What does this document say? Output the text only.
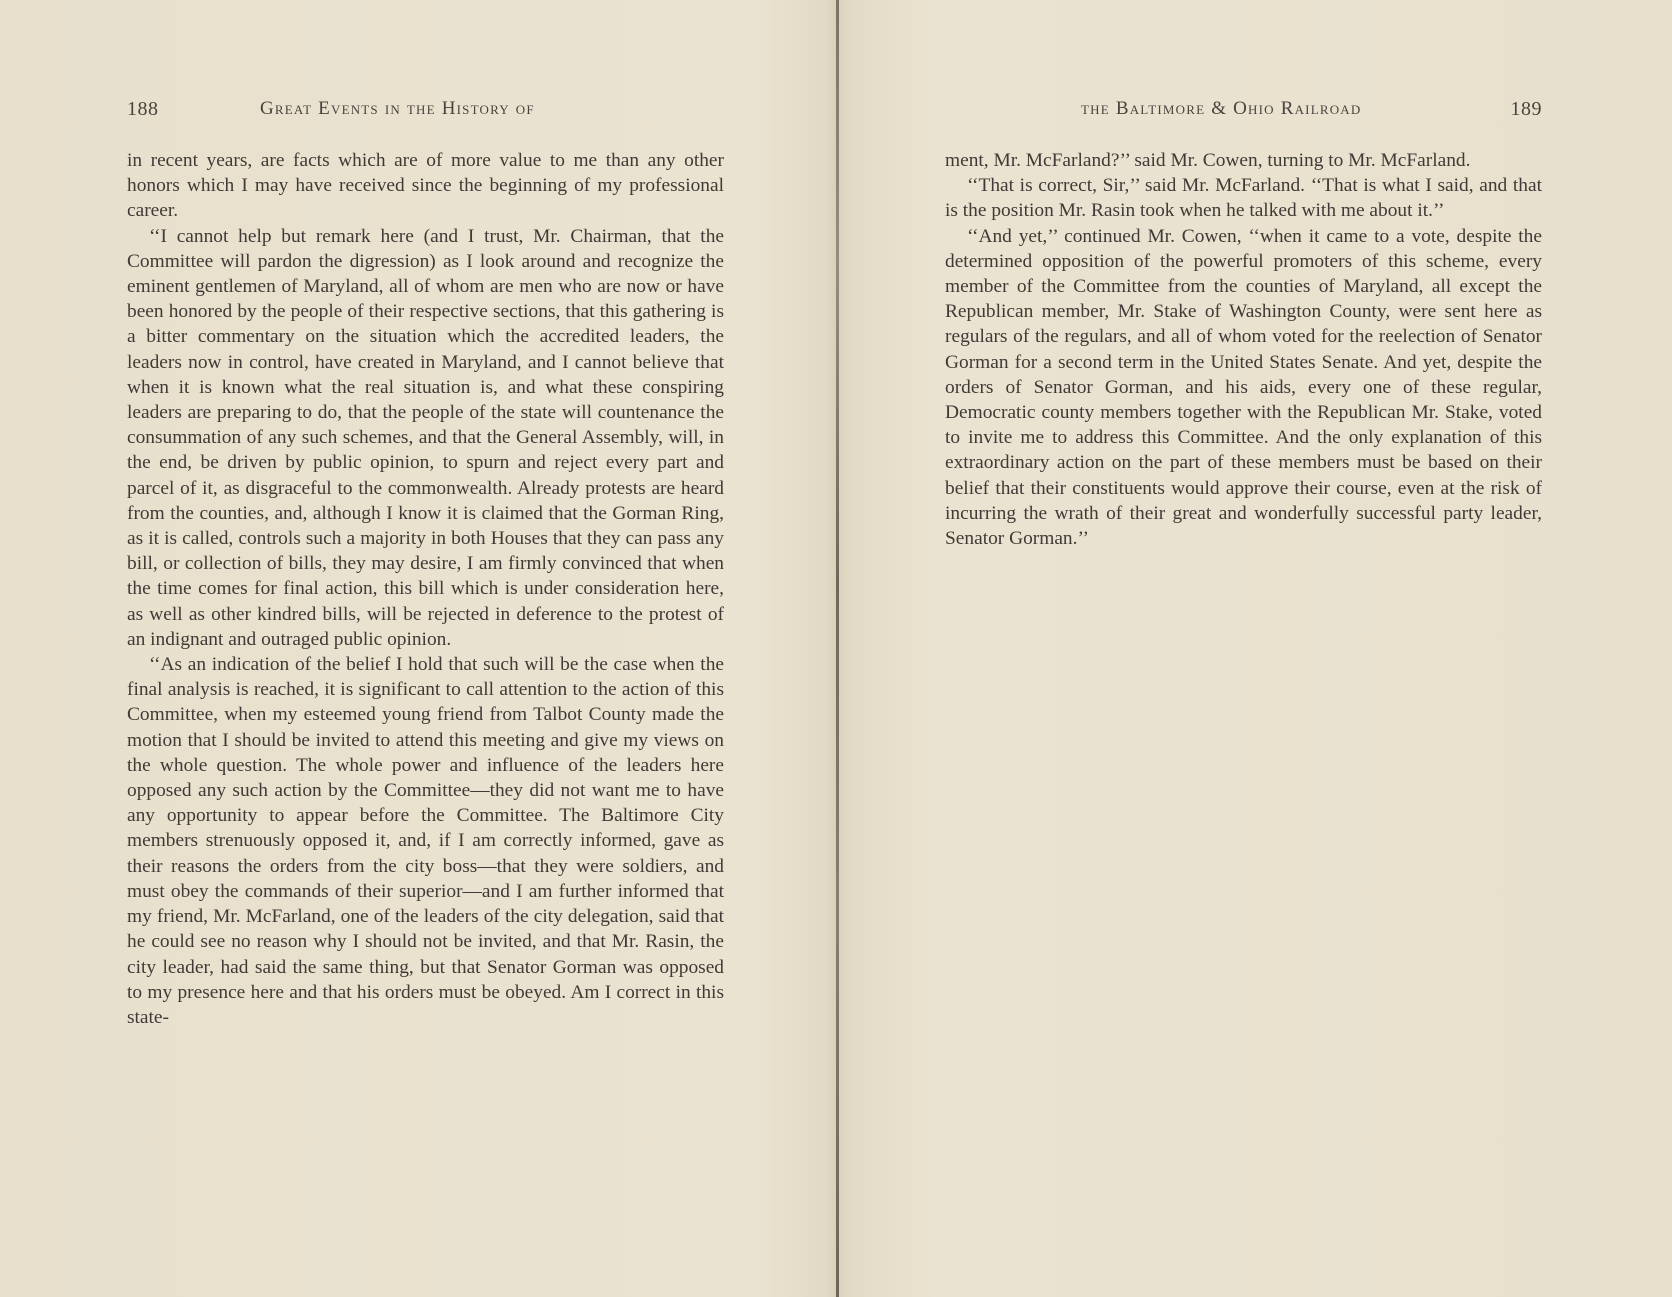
188	Great Events in the History of

in recent years, are facts which are of more value to me than any other honors which I may have received since the beginning of my professional career.

‘‘I cannot help but remark here (and I trust, Mr. Chairman, that the Committee will pardon the digression) as I look around and recognize the eminent gentlemen of Maryland, all of whom are men who are now or have been honored by the people of their respective sections, that this gathering is a bitter commentary on the situation which the accredited leaders, the leaders now in control, have created in Maryland, and I cannot believe that when it is known what the real situation is, and what these conspiring leaders are preparing to do, that the people of the state will countenance the consummation of any such schemes, and that the General Assembly, will, in the end, be driven by public opinion, to spurn and reject every part and parcel of it, as disgraceful to the commonwealth. Already protests are heard from the counties, and, although I know it is claimed that the Gorman Ring, as it is called, controls such a majority in both Houses that they can pass any bill, or collection of bills, they may desire, I am firmly convinced that when the time comes for final action, this bill which is under consideration here, as well as other kindred bills, will be rejected in deference to the protest of an indignant and outraged public opinion.

‘‘As an indication of the belief I hold that such will be the case when the final analysis is reached, it is significant to call attention to the action of this Committee, when my esteemed young friend from Talbot County made the motion that I should be invited to attend this meeting and give my views on the whole question. The whole power and influence of the leaders here opposed any such action by the Committee—they did not want me to have any opportunity to appear before the Committee. The Baltimore City members strenuously opposed it, and, if I am correctly informed, gave as their reasons the orders from the city boss—that they were soldiers, and must obey the commands of their superior—and I am further informed that my friend, Mr. McFarland, one of the leaders of the city delegation, said that he could see no reason why I should not be invited, and that Mr. Rasin, the city leader, had said the same thing, but that Senator Gorman was opposed to my presence here and that his orders must be obeyed. Am I correct in this state-

the Baltimore & Ohio Railroad	189

ment, Mr. McFarland?’’ said Mr. Cowen, turning to Mr. McFarland.

‘‘That is correct, Sir,’’ said Mr. McFarland. ‘‘That is what I said, and that is the position Mr. Rasin took when he talked with me about it.’’

‘‘And yet,’’ continued Mr. Cowen, ‘‘when it came to a vote, despite the determined opposition of the powerful promoters of this scheme, every member of the Committee from the counties of Maryland, all except the Republican member, Mr. Stake of Washington County, were sent here as regulars of the regulars, and all of whom voted for the reelection of Senator Gorman for a second term in the United States Senate. And yet, despite the orders of Senator Gorman, and his aids, every one of these regular, Democratic county members together with the Republican Mr. Stake, voted to invite me to address this Committee. And the only explanation of this extraordinary action on the part of these members must be based on their belief that their constituents would approve their course, even at the risk of incurring the wrath of their great and wonderfully successful party leader, Senator Gorman.’’
